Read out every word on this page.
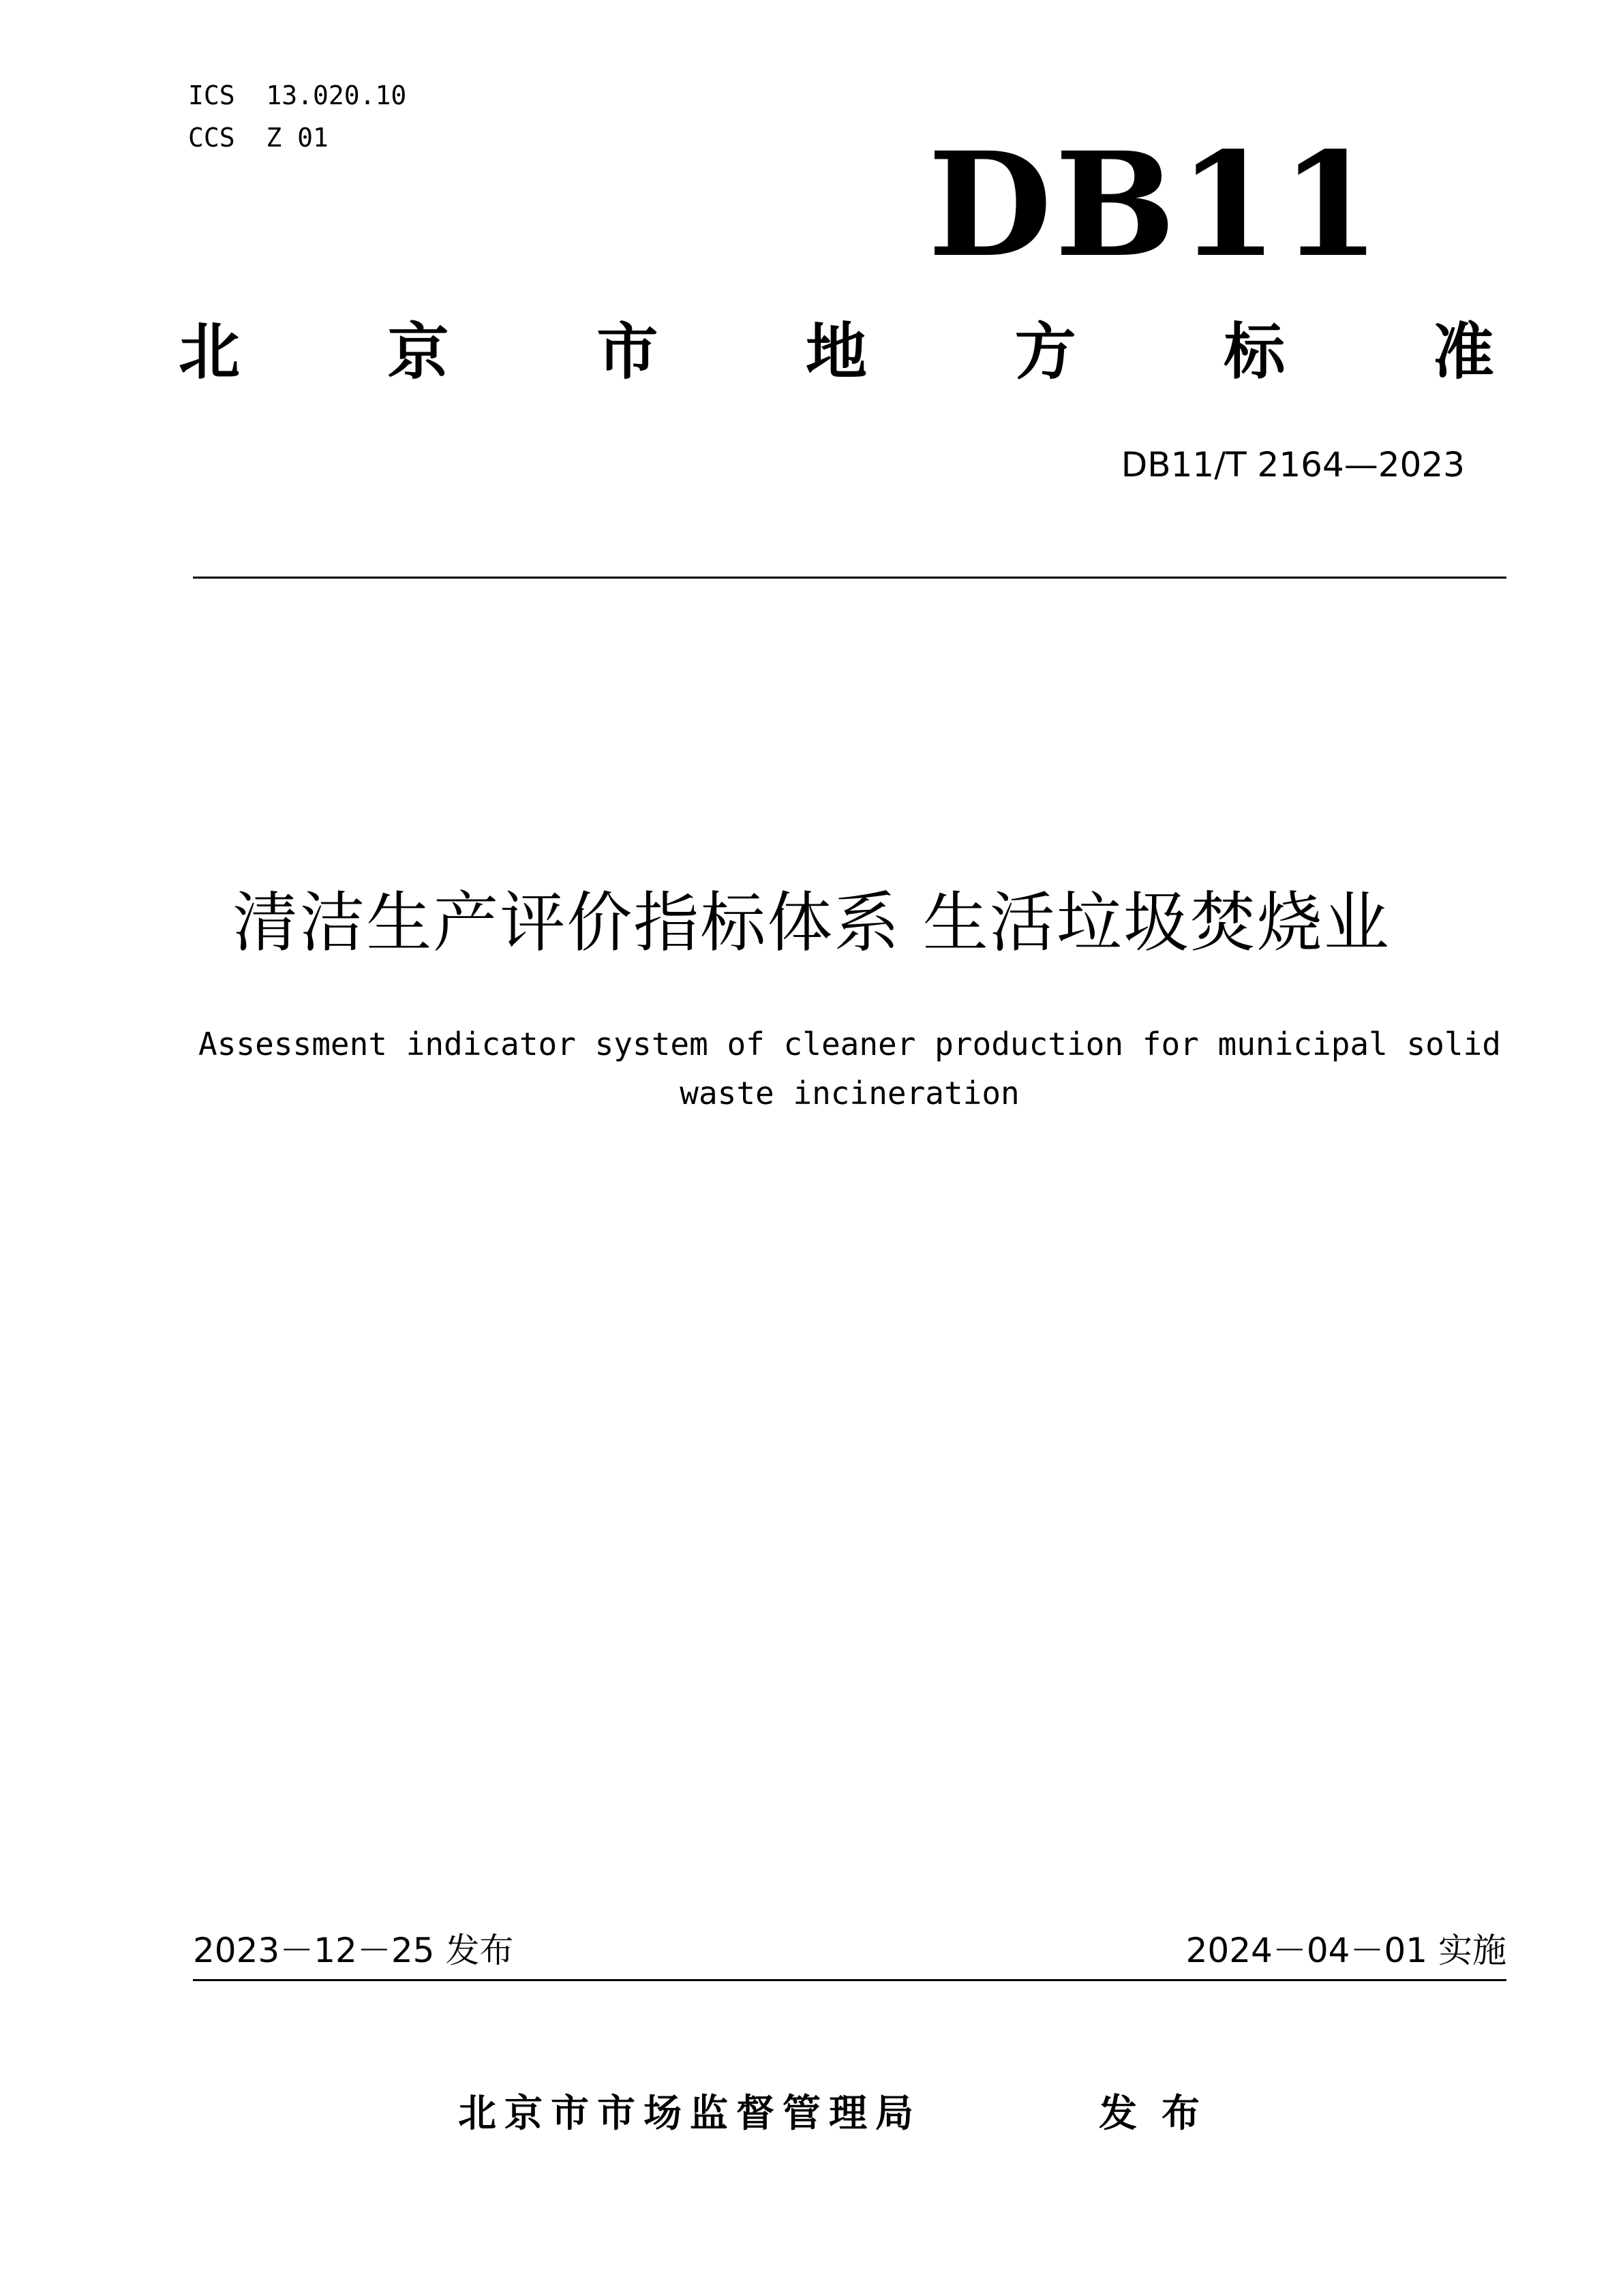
ICS  13.020.10
CCS  Z 01	DB11
北 京 市 地 方 标 准
DB11/T 2164—2023
清洁生产评价指标体系 生活垃圾焚烧业
Assessment indicator system of cleaner production for municipal solid waste incineration
2023－12－25 发布	2024－04－01 实施
北京市市场监督管理局	发布
